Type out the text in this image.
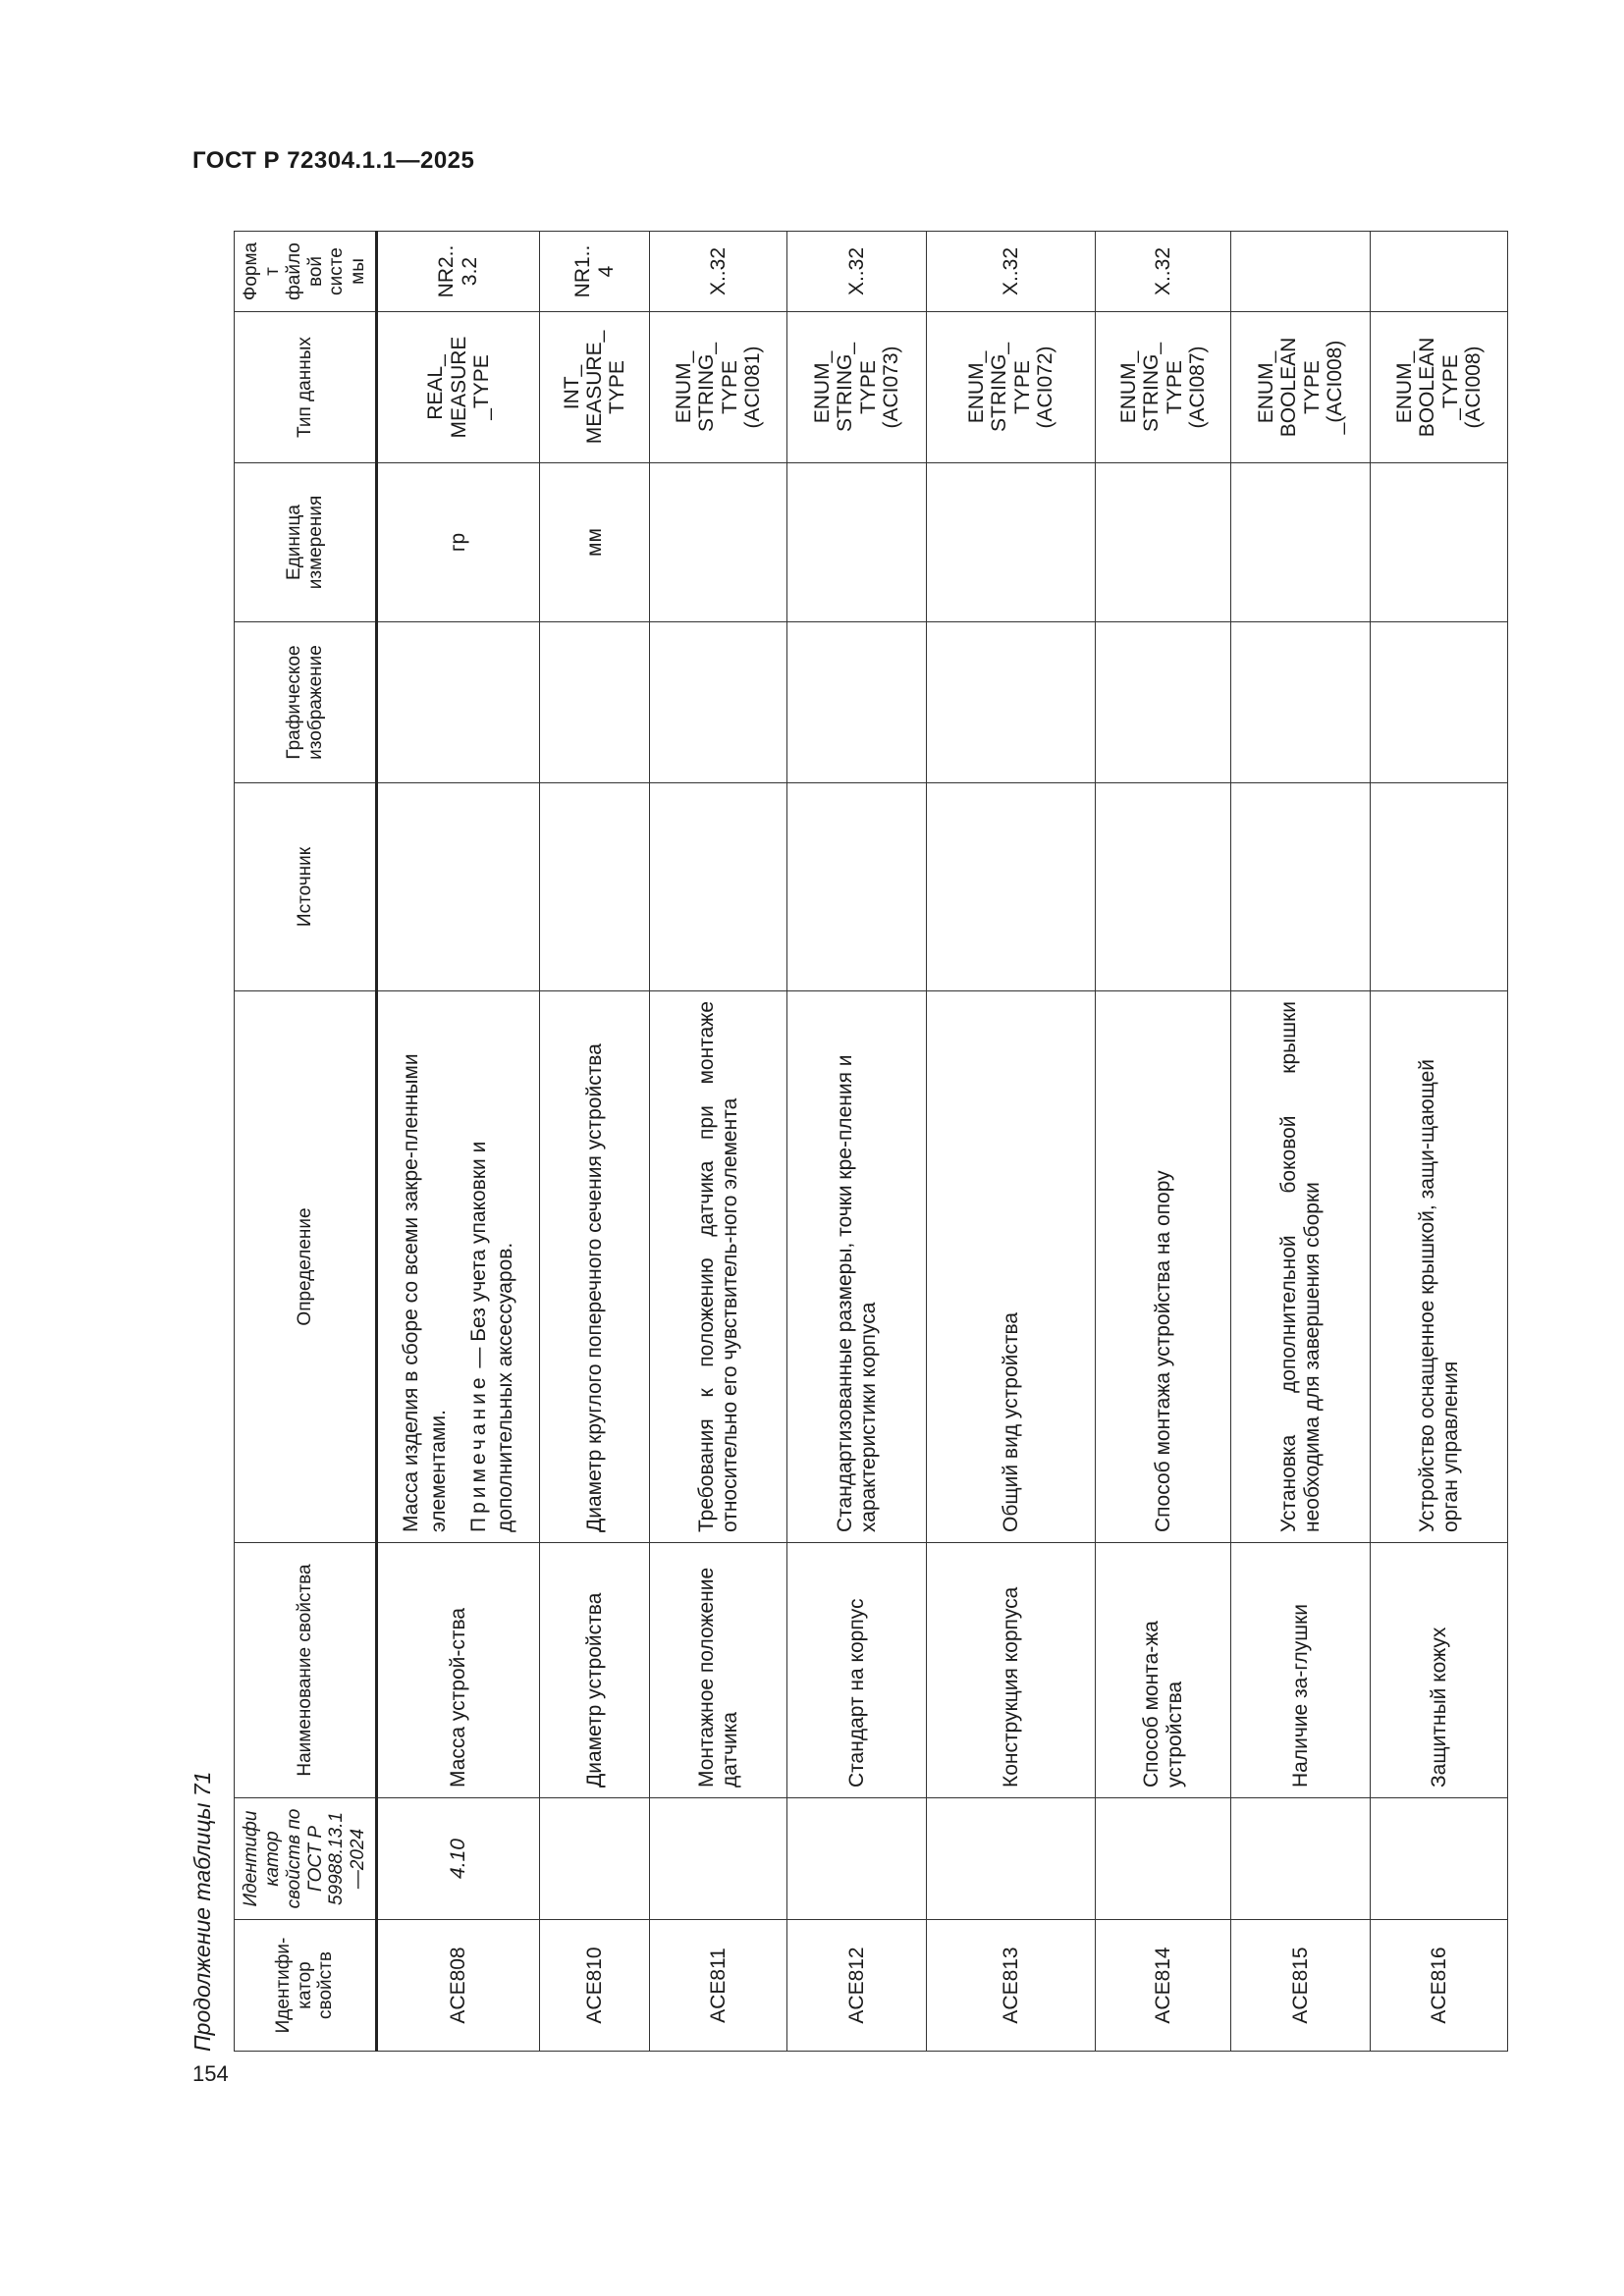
ГОСТ Р 72304.1.1—2025
154
Продолжение таблицы 71	Идентифи-катор свойств	Идентификатор свойств по ГОСТ Р 59988.13.1—2024	Наименование свойства	Определение	Источник	Графическое изображение	Единица измерения	Тип данных	Формат файловой системы
ACE808	4.10	Масса устрой-ства	Масса изделия в сборе со всеми закре-пленными элементами. Примечание — Без учета упаковки и дополнительных аксессуаров.			гр	REAL_ MEASURE _TYPE	NR2..3.2
ACE810		Диаметр устройства	Диаметр круглого поперечного сечения устройства			мм	INT_ MEASURE_ TYPE	NR1..4
ACE811		Монтажное положение датчика	Требования к положению датчика при монтаже относительно его чувствитель-ного элемента				ENUM_ STRING_ TYPE (ACI081)	X..32
ACE812		Стандарт на корпус	Стандартизованные размеры, точки кре-пления и характеристики корпуса				ENUM_ STRING_ TYPE (ACI073)	X..32
ACE813		Конструкция корпуса	Общий вид устройства				ENUM_ STRING_ TYPE (ACI072)	X..32
ACE814		Способ монта-жа устройства	Способ монтажа устройства на опору				ENUM_ STRING_ TYPE (ACI087)	X..32
ACE815		Наличие за-глушки	Установка дополнительной боковой крышки необходима для завершения сборки				ENUM_ BOOLEAN TYPE _(ACI008)	
ACE816		Защитный кожух	Устройство оснащенное крышкой, защи-щающей орган управления				ENUM_ BOOLEAN _TYPE (ACI008)	
